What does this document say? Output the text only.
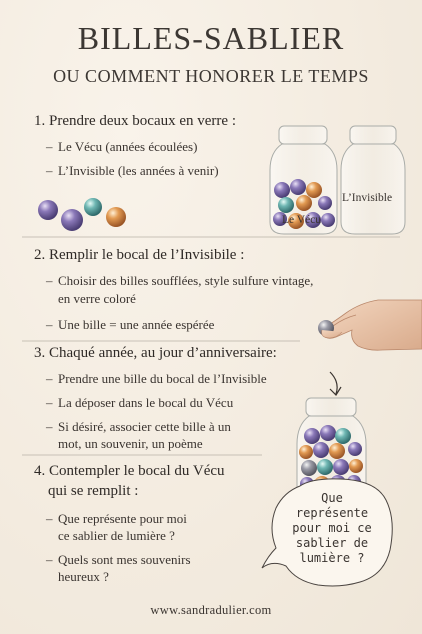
BILLES-SABLIER
OU COMMENT HONORER LE TEMPS
1. Prendre deux bocaux en verre :
– Le Vécu (années écoulées)
– L’Invisible (les années à venir)
Le Vécu
L’Invisible
2. Remplir le bocal de l’Invisibile :
– Choisir des billes soufflées, style sulfure vintage,
en verre coloré
– Une bille = une année espérée
3. Chaqué année, au jour d’anniversaire:
– Prendre une bille du bocal de l’Invisible
– La déposer dans le bocal du Vécu
– Si désiré, associer cette bille à un
mot, un souvenir, un poème
4. Contempler le bocal du Vécu
qui se remplit :
– Que représente pour moi
ce sablier de lumière ?
– Quels sont mes souvenirs
heureux ?
Que
représente
pour moi ce
sablier de
lumière ?
www.sandradulier.com
